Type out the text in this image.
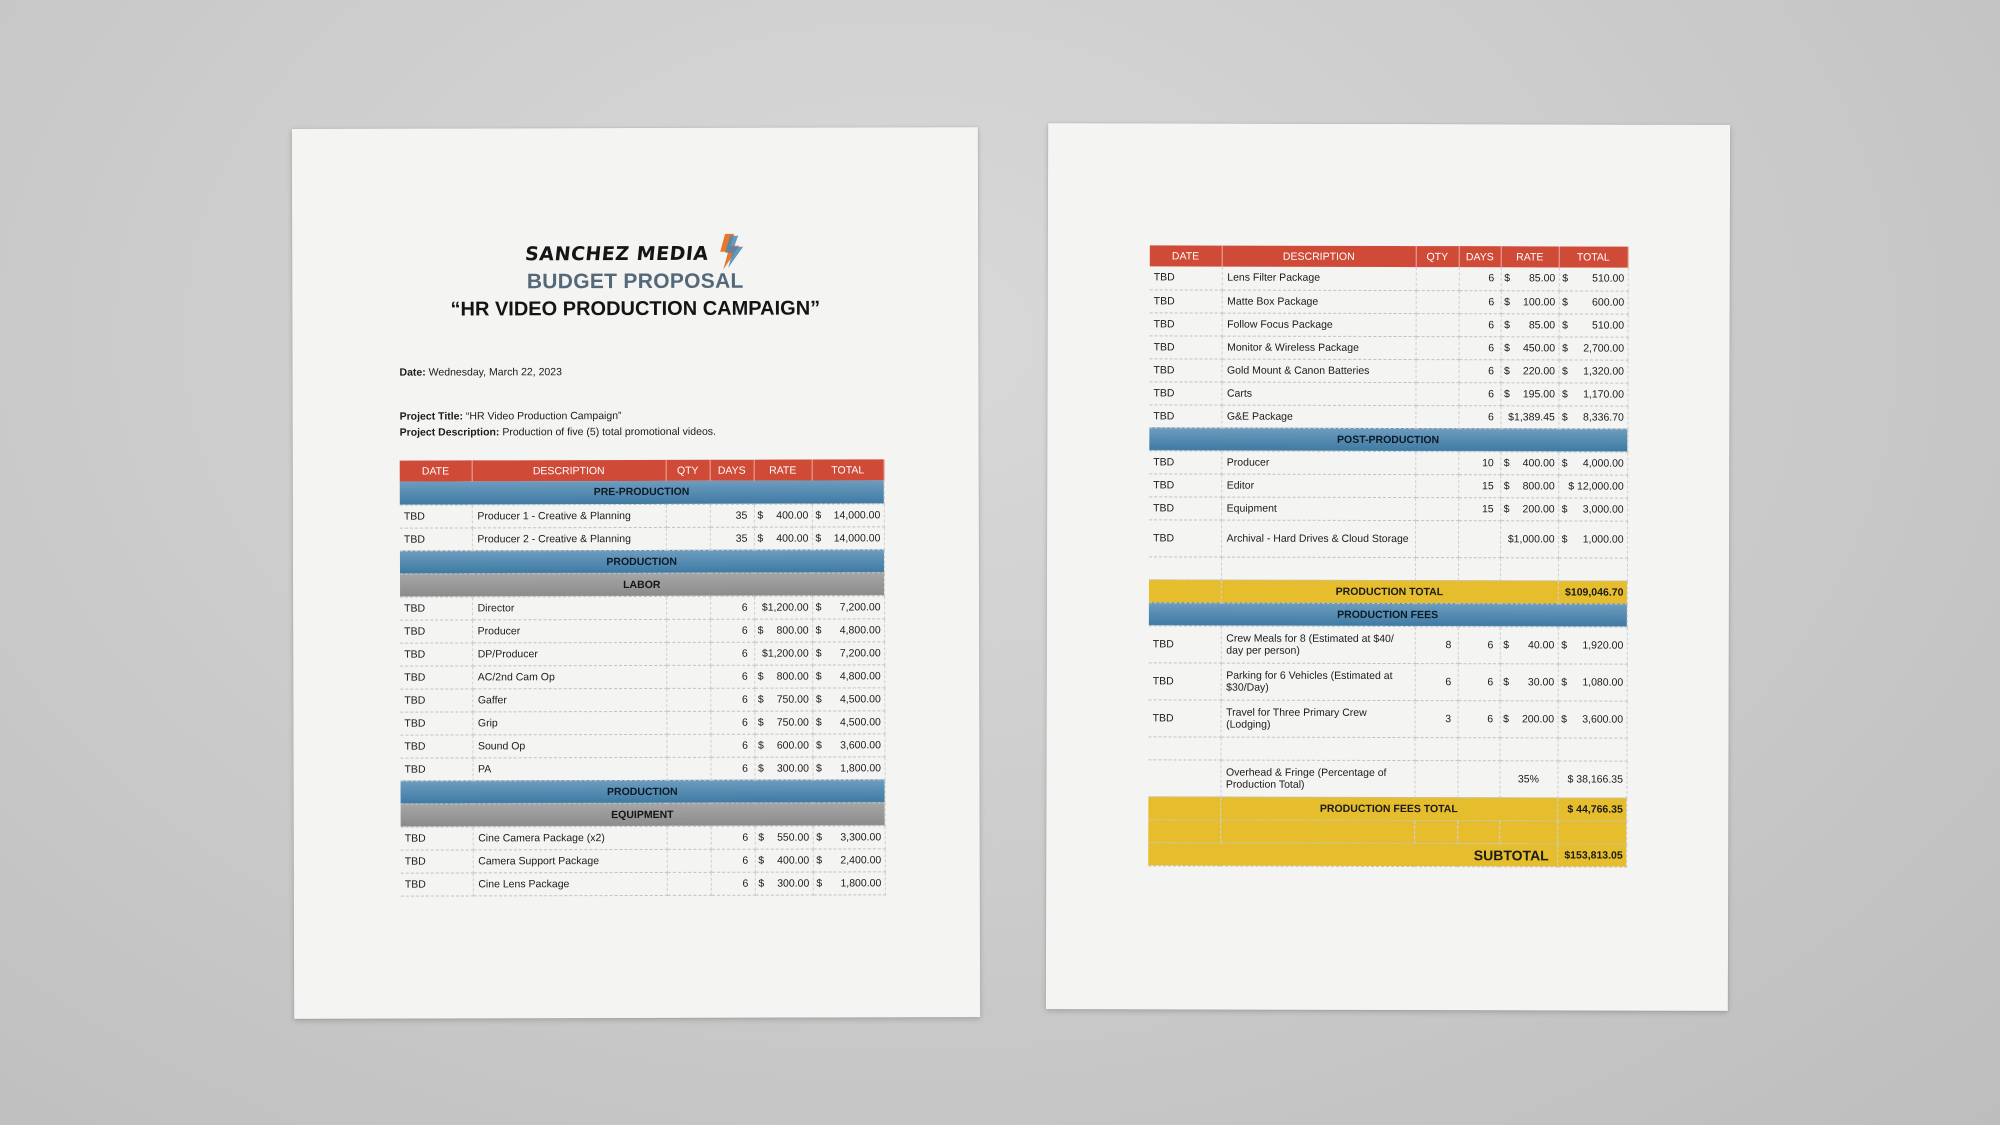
SANCHEZ MEDIA
BUDGET PROPOSAL
“HR VIDEO PRODUCTION CAMPAIGN”
Date: Wednesday, March 22, 2023
Project Title: “HR Video Production Campaign”
Project Description: Production of five (5) total promotional videos.
DATE	DESCRIPTION	QTY	DAYS	RATE	TOTAL
PRE-PRODUCTION					
TBD	Producer 1 - Creative & Planning		35	$ 400.00	$ 14,000.00

TBD	Producer 2 - Creative & Planning		35	$ 400.00	$ 14,000.00

PRODUCTION					
LABOR					
TBD	Director		6	$1,200.00	$ 7,200.00

TBD	Producer		6	$ 800.00	$ 4,800.00

TBD	DP/Producer		6	$1,200.00	$ 7,200.00

TBD	AC/2nd Cam Op		6	$ 800.00	$ 4,800.00

TBD	Gaffer		6	$ 750.00	$ 4,500.00

TBD	Grip		6	$ 750.00	$ 4,500.00

TBD	Sound Op		6	$ 600.00	$ 3,600.00

TBD	PA		6	$ 300.00	$ 1,800.00

PRODUCTION					
EQUIPMENT					
TBD	Cine Camera Package (x2)		6	$ 550.00	$ 3,300.00

TBD	Camera Support Package		6	$ 400.00	$ 2,400.00

TBD	Cine Lens Package		6	$ 300.00	$ 1,800.00
DATE	DESCRIPTION	QTY	DAYS	RATE	TOTAL
TBD	Lens Filter Package		6	$ 85.00	$ 510.00

TBD	Matte Box Package		6	$ 100.00	$ 600.00

TBD	Follow Focus Package		6	$ 85.00	$ 510.00

TBD	Monitor & Wireless Package		6	$ 450.00	$ 2,700.00

TBD	Gold Mount & Canon Batteries		6	$ 220.00	$ 1,320.00

TBD	Carts		6	$ 195.00	$ 1,170.00

TBD	G&E Package		6	$1,389.45	$ 8,336.70

POST-PRODUCTION					
TBD	Producer		10	$ 400.00	$ 4,000.00

TBD	Editor		15	$ 800.00	$ 12,000.00

TBD	Equipment		15	$ 200.00	$ 3,000.00

TBD	Archival - Hard Drives & Cloud Storage			$1,000.00	$ 1,000.00

	PRODUCTION TOTAL				$109,046.70
PRODUCTION FEES					
TBD	Crew Meals for 8 (Estimated at $40/ day per person)	8	6	$ 40.00	$ 1,920.00

TBD	Parking for 6 Vehicles (Estimated at $30/Day)	6	6	$ 30.00	$ 1,080.00

TBD	Travel for Three Primary Crew (Lodging)	3	6	$ 200.00	$ 3,600.00

	Overhead & Fringe (Percentage of Production Total)			35%	$ 38,166.35
	PRODUCTION FEES TOTAL				$ 44,766.35

SUBTOTAL					$153,813.05
